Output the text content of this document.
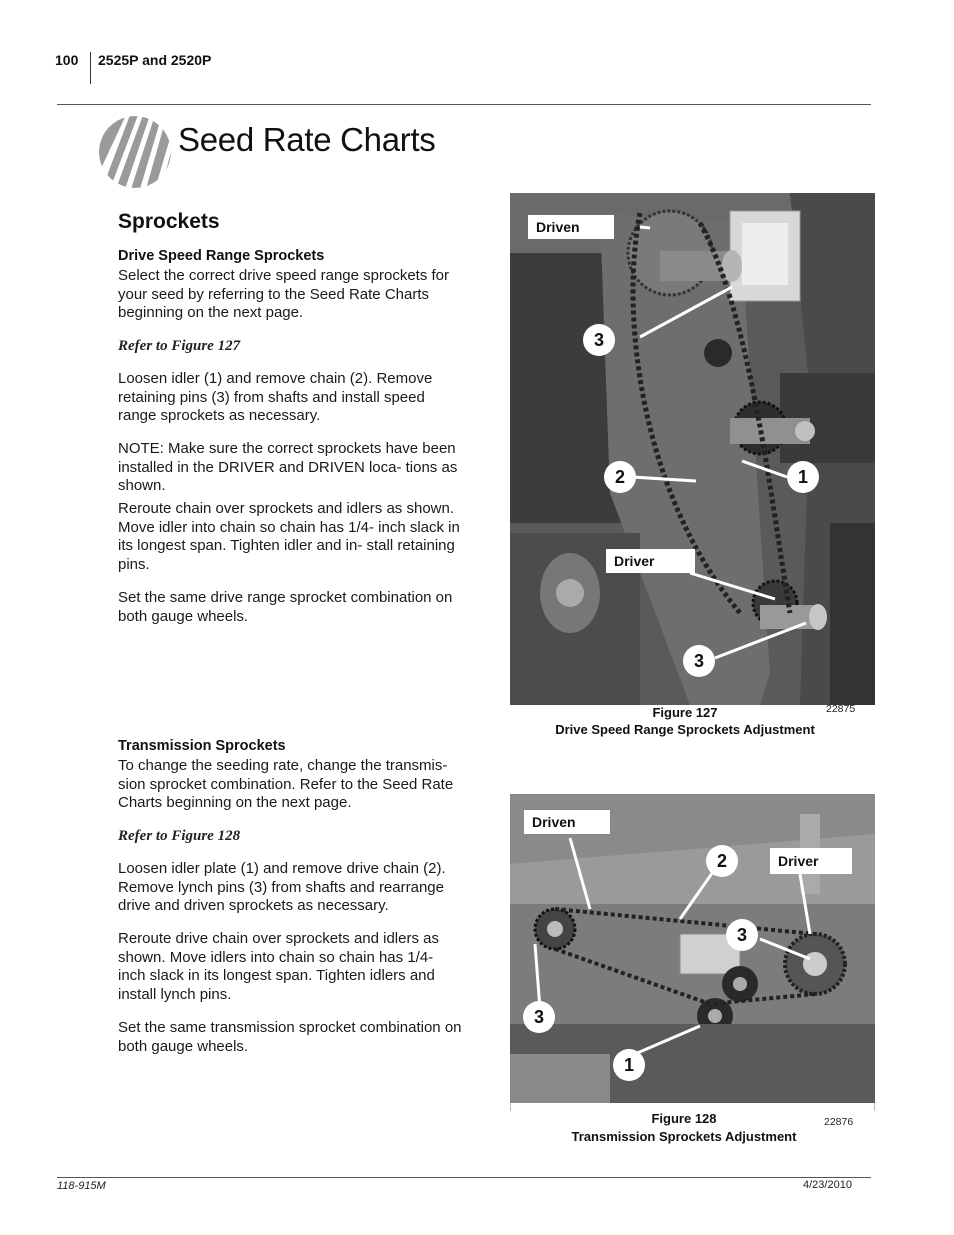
100 2525P and 2520P
Seed Rate Charts
Sprockets
Drive Speed Range Sprockets
Select the correct drive speed range sprockets for your seed by referring to the Seed Rate Charts beginning on the next page.
Refer to Figure 127
Loosen idler (1) and remove chain (2). Remove retaining pins (3) from shafts and install speed range sprockets as necessary.
NOTE: Make sure the correct sprockets have been installed in the DRIVER and DRIVEN loca- tions as shown.
Reroute chain over sprockets and idlers as shown. Move idler into chain so chain has 1/4- inch slack in its longest span. Tighten idler and in- stall retaining pins.
Set the same drive range sprocket combination on both gauge wheels.
Transmission Sprockets
To change the seeding rate, change the transmis- sion sprocket combination. Refer to the Seed Rate Charts beginning on the next page.
Refer to Figure 128
Loosen idler plate (1) and remove drive chain (2). Remove lynch pins (3) from shafts and rearrange drive and driven sprockets as necessary.
Reroute drive chain over sprockets and idlers as shown. Move idlers into chain so chain has 1/4- inch slack in its longest span. Tighten idlers and install lynch pins.
Set the same transmission sprocket combination on both gauge wheels.
Driven
Driver
3
2	1
3
22875
Figure 127
Drive Speed Range Sprockets Adjustment
Driven
Driver
2
3
3
1
22876
Figure 128
Transmission Sprockets Adjustment
118-915M	4/23/2010
